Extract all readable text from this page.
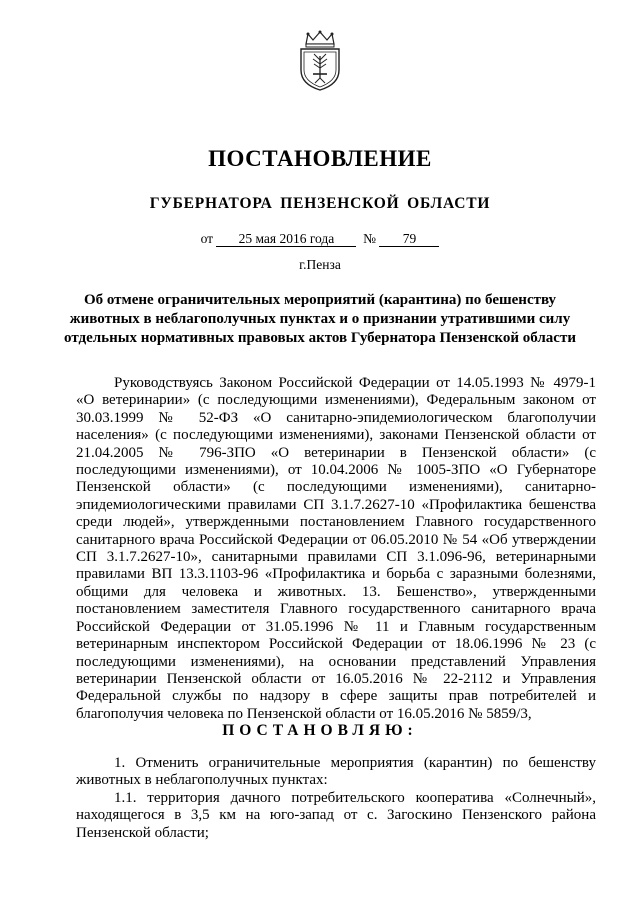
ПОСТАНОВЛЕНИЕ
ГУБЕРНАТОРА ПЕНЗЕНСКОЙ ОБЛАСТИ
от 25 мая 2016 года № 79
г.Пенза
Об отмене ограничительных мероприятий (карантина) по бешенству животных в неблагополучных пунктах и о признании утратившими силу отдельных нормативных правовых актов Губернатора Пензенской области

Руководствуясь Законом Российской Федерации от 14.05.1993 № 4979-1 «О ветеринарии» (с последующими изменениями), Федеральным законом от 30.03.1999 № 52-ФЗ «О санитарно-эпидемиологическом благополучии населения» (с последующими изменениями), законами Пензенской области от 21.04.2005 № 796-ЗПО «О ветеринарии в Пензенской области» (с последующими изменениями), от 10.04.2006 № 1005-ЗПО «О Губернаторе Пензенской области» (с последующими изменениями), санитарно-эпидемиологическими правилами СП 3.1.7.2627-10 «Профилактика бешенства среди людей», утвержденными постановлением Главного государственного санитарного врача Российской Федерации от 06.05.2010 № 54 «Об утверждении СП 3.1.7.2627-10», санитарными правилами СП 3.1.096-96, ветеринарными правилами ВП 13.3.1103-96 «Профилактика и борьба с заразными болезнями, общими для человека и животных. 13. Бешенство», утвержденными постановлением заместителя Главного государственного санитарного врача Российской Федерации от 31.05.1996 № 11 и Главным государственным ветеринарным инспектором Российской Федерации от 18.06.1996 № 23 (с последующими изменениями), на основании представлений Управления ветеринарии Пензенской области от 16.05.2016 № 22-2112 и Управления Федеральной службы по надзору в сфере защиты прав потребителей и благополучия человека по Пензенской области от 16.05.2016 № 5859/3,

ПОСТАНОВЛЯЮ:

1. Отменить ограничительные мероприятия (карантин) по бешенству животных в неблагополучных пунктах:

1.1. территория дачного потребительского кооператива «Солнечный», находящегося в 3,5 км на юго-запад от с. Загоскино Пензенского района Пензенской области;
